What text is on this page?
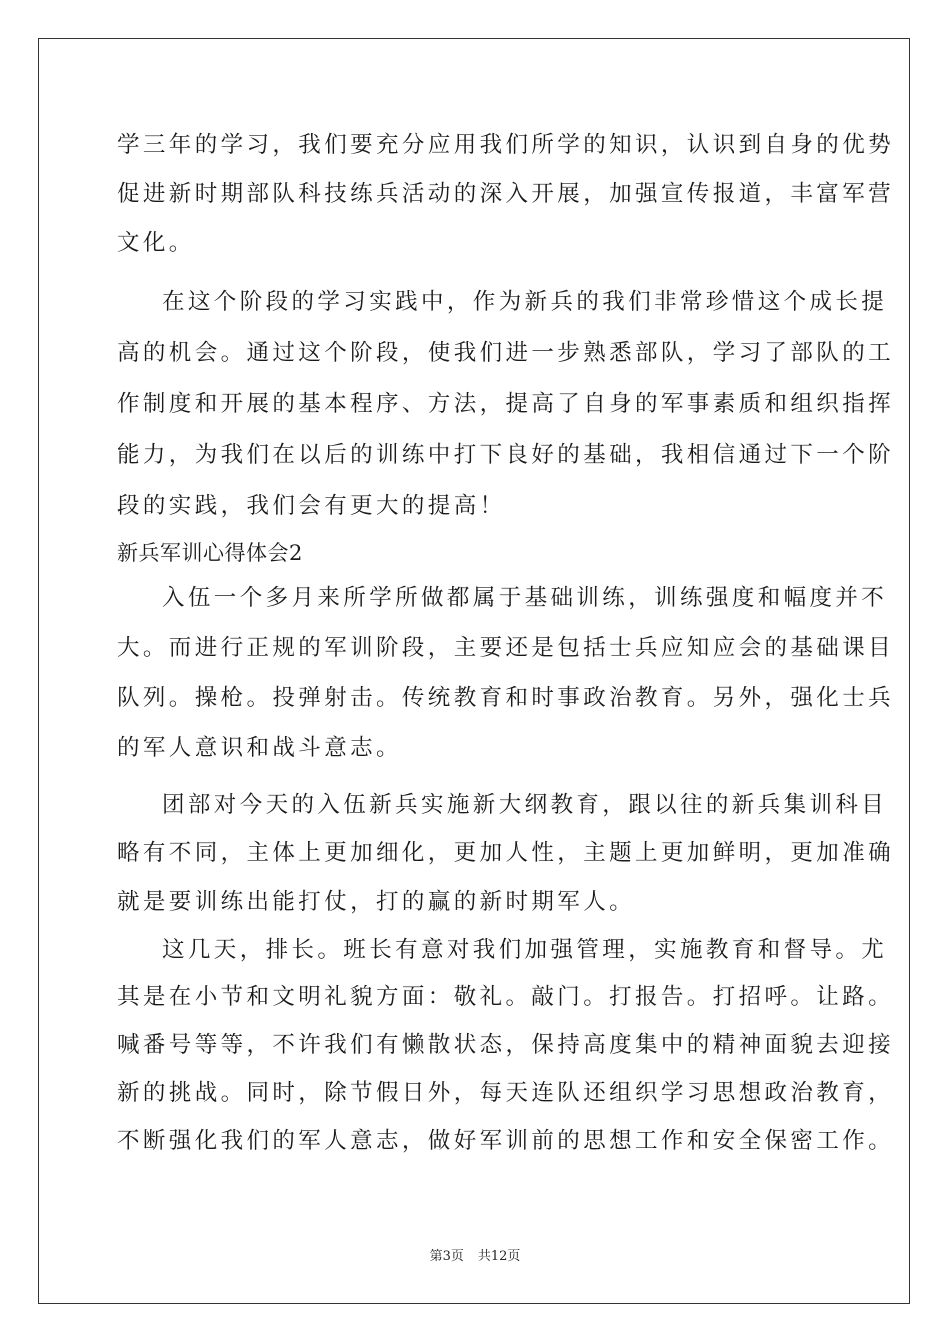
学三年的学习，我们要充分应用我们所学的知识，认识到自身的优势
促进新时期部队科技练兵活动的深入开展，加强宣传报道，丰富军营
文化。
在这个阶段的学习实践中，作为新兵的我们非常珍惜这个成长提
高的机会。通过这个阶段，使我们进一步熟悉部队，学习了部队的工
作制度和开展的基本程序、方法，提高了自身的军事素质和组织指挥
能力，为我们在以后的训练中打下良好的基础，我相信通过下一个阶
段的实践，我们会有更大的提高！
新兵军训心得体会2
入伍一个多月来所学所做都属于基础训练，训练强度和幅度并不
大。而进行正规的军训阶段，主要还是包括士兵应知应会的基础课目
队列。操枪。投弹射击。传统教育和时事政治教育。另外，强化士兵
的军人意识和战斗意志。
团部对今天的入伍新兵实施新大纲教育，跟以往的新兵集训科目
略有不同，主体上更加细化，更加人性，主题上更加鲜明，更加准确
就是要训练出能打仗，打的赢的新时期军人。
这几天，排长。班长有意对我们加强管理，实施教育和督导。尤
其是在小节和文明礼貌方面：敬礼。敲门。打报告。打招呼。让路。
喊番号等等，不许我们有懒散状态，保持高度集中的精神面貌去迎接
新的挑战。同时，除节假日外，每天连队还组织学习思想政治教育，
不断强化我们的军人意志，做好军训前的思想工作和安全保密工作。
第3页 共12页
